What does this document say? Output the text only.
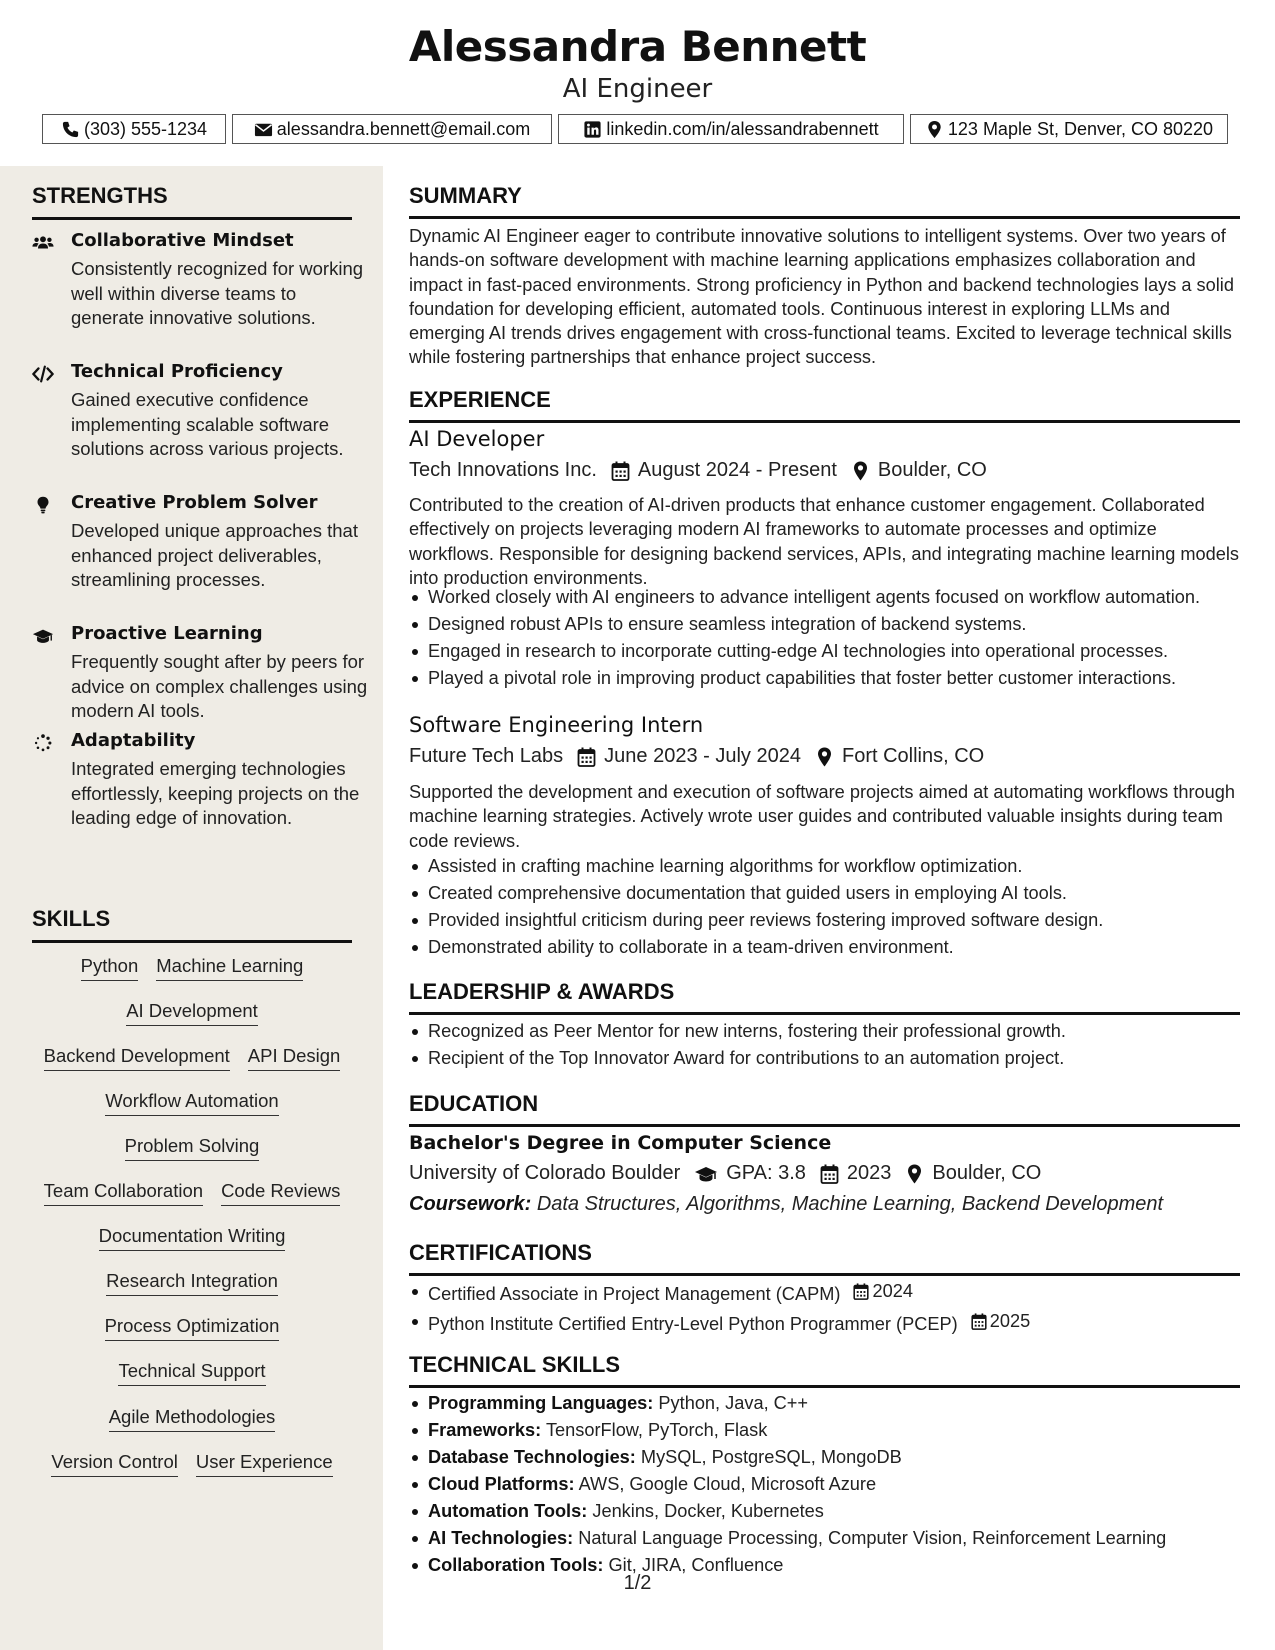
Alessandra Bennett
AI Engineer
(303) 555-1234	alessandra.bennett@email.com	linkedin.com/in/alessandrabennett	123 Maple St, Denver, CO 80220
STRENGTHS
Collaborative Mindset
Consistently recognized for working well within diverse teams to generate innovative solutions.
Technical Proficiency
Gained executive confidence implementing scalable software solutions across various projects.
Creative Problem Solver
Developed unique approaches that enhanced project deliverables, streamlining processes.
Proactive Learning
Frequently sought after by peers for advice on complex challenges using modern AI tools.
Adaptability
Integrated emerging technologies effortlessly, keeping projects on the leading edge of innovation.
SKILLS
Python Machine Learning
AI Development
Backend Development API Design
Workflow Automation
Problem Solving
Team Collaboration Code Reviews
Documentation Writing
Research Integration
Process Optimization
Technical Support
Agile Methodologies
Version Control User Experience
SUMMARY
Dynamic AI Engineer eager to contribute innovative solutions to intelligent systems. Over two years of hands-on software development with machine learning applications emphasizes collaboration and impact in fast-paced environments. Strong proficiency in Python and backend technologies lays a solid foundation for developing efficient, automated tools. Continuous interest in exploring LLMs and emerging AI trends drives engagement with cross-functional teams. Excited to leverage technical skills while fostering partnerships that enhance project success.
EXPERIENCE
AI Developer
Tech Innovations Inc. August 2024 - Present Boulder, CO
Contributed to the creation of AI-driven products that enhance customer engagement. Collaborated effectively on projects leveraging modern AI frameworks to automate processes and optimize workflows. Responsible for designing backend services, APIs, and integrating machine learning models into production environments.
Worked closely with AI engineers to advance intelligent agents focused on workflow automation.
Designed robust APIs to ensure seamless integration of backend systems.
Engaged in research to incorporate cutting-edge AI technologies into operational processes.
Played a pivotal role in improving product capabilities that foster better customer interactions.
Software Engineering Intern
Future Tech Labs June 2023 - July 2024 Fort Collins, CO
Supported the development and execution of software projects aimed at automating workflows through machine learning strategies. Actively wrote user guides and contributed valuable insights during team code reviews.
Assisted in crafting machine learning algorithms for workflow optimization.
Created comprehensive documentation that guided users in employing AI tools.
Provided insightful criticism during peer reviews fostering improved software design.
Demonstrated ability to collaborate in a team-driven environment.
LEADERSHIP & AWARDS
Recognized as Peer Mentor for new interns, fostering their professional growth.
Recipient of the Top Innovator Award for contributions to an automation project.
EDUCATION
Bachelor's Degree in Computer Science
University of Colorado Boulder GPA: 3.8 2023 Boulder, CO
Coursework: Data Structures, Algorithms, Machine Learning, Backend Development
CERTIFICATIONS
Certified Associate in Project Management (CAPM) 2024
Python Institute Certified Entry-Level Python Programmer (PCEP) 2025
TECHNICAL SKILLS
Programming Languages: Python, Java, C++
Frameworks: TensorFlow, PyTorch, Flask
Database Technologies: MySQL, PostgreSQL, MongoDB
Cloud Platforms: AWS, Google Cloud, Microsoft Azure
Automation Tools: Jenkins, Docker, Kubernetes
AI Technologies: Natural Language Processing, Computer Vision, Reinforcement Learning
Collaboration Tools: Git, JIRA, Confluence
1/2
